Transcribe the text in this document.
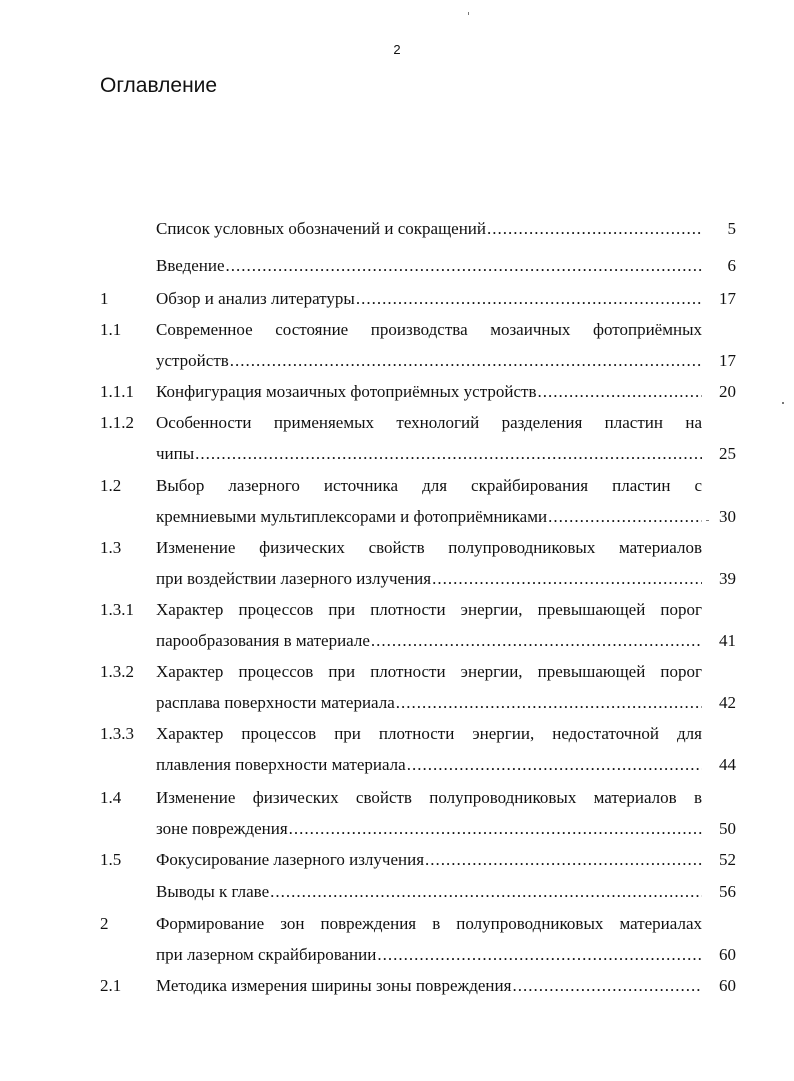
2
Оглавление
Список условных обозначений и сокращений .....	5
Введение .....	6
1	Обзор и анализ литературы .....	17
1.1 Современное состояние производства мозаичных фотоприёмных
устройств .....	17
1.1.1 Конфигурация мозаичных фотоприёмных устройств .....	20
1.1.2 Особенности применяемых технологий разделения пластин на
чипы .....	25
1.2 Выбор лазерного источника для скрайбирования пластин с
кремниевыми мультиплексорами и фотоприёмниками .....	30
1.3 Изменение физических свойств полупроводниковых материалов
при воздействии лазерного излучения .....	39
1.3.1 Характер процессов при плотности энергии, превышающей порог
парообразования в материале .....	41
1.3.2 Характер процессов при плотности энергии, превышающей порог
расплава поверхности материала .....	42
1.3.3 Характер процессов при плотности энергии, недостаточной для
плавления поверхности материала .....	44
1.4 Изменение физических свойств полупроводниковых материалов в
зоне повреждения .....	50
1.5 Фокусирование лазерного излучения .....	52
Выводы к главе .....	56
2	Формирование зон повреждения в полупроводниковых материалах
при лазерном скрайбировании .....	60
2.1 Методика измерения ширины зоны повреждения .....	60
